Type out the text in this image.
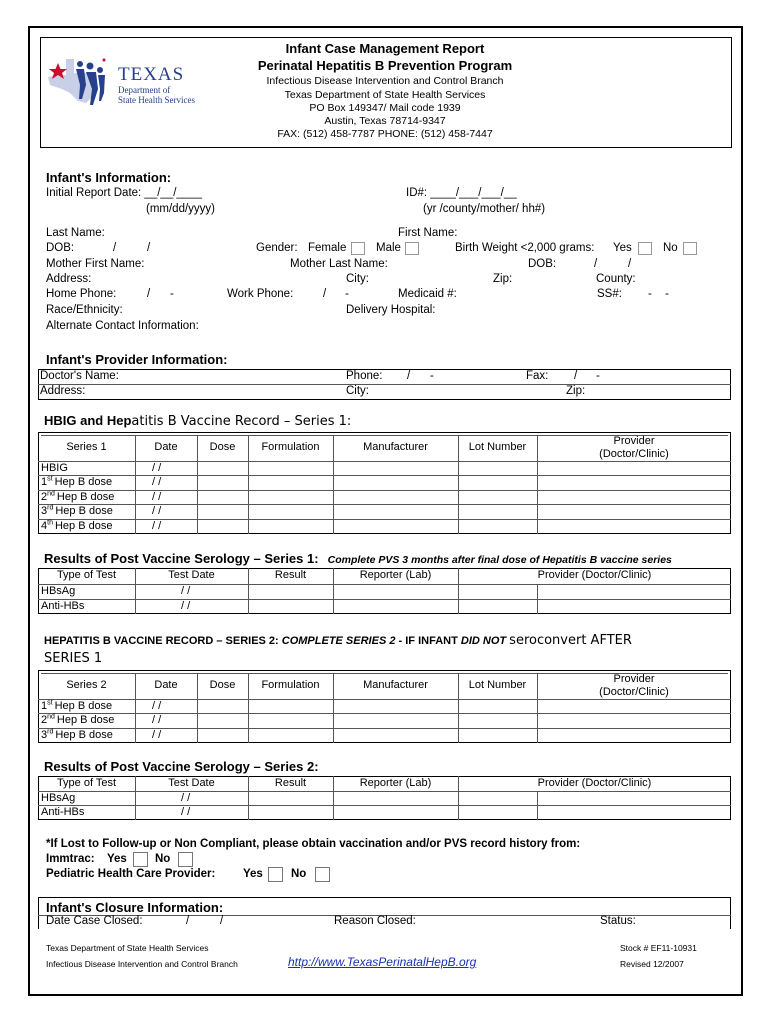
TEXAS
Department of
State Health Services
Infant Case Management Report
Perinatal Hepatitis B Prevention Program
Infectious Disease Intervention and Control Branch
Texas Department of State Health Services
PO Box 149347/ Mail code 1939
Austin, Texas 78714-9347
FAX: (512) 458-7787 PHONE: (512) 458-7447
Infant's Information:
Initial Report Date: __/__/____
(mm/dd/yyyy)
ID#: ____/___/___/__
(yr /county/mother/ hh#)
Last Name:	First Name:
DOB:	/	/	Gender: Female	Male	Birth Weight <2,000 grams: Yes	No
Mother First Name:	Mother Last Name:	DOB:	/	/
Address:	City:	Zip:	County:
Home Phone:	/ -	Work Phone:	/ -	Medicaid #:	SS#: - -
Race/Ethnicity:	Delivery Hospital:
Alternate Contact Information:
Infant's Provider Information:
Doctor's Name:	Phone: / -	Fax: / -
Address:	City:	Zip:
HBIG and Hepatitis B Vaccine Record – Series 1:
Series 1	Date	Dose	Formulation	Manufacturer	Lot Number	Provider
(Doctor/Clinic)
HBIG	/ /
1st Hep B dose	/ /
2nd Hep B dose	/ /
3rd Hep B dose	/ /
4th Hep B dose	/ /
Results of Post Vaccine Serology – Series 1: Complete PVS 3 months after final dose of Hepatitis B vaccine series
Type of Test	Test Date	Result	Reporter (Lab)	Provider (Doctor/Clinic)
HBsAg	/ /
Anti-HBs	/ /
HEPATITIS B VACCINE RECORD – SERIES 2: COMPLETE SERIES 2 - IF INFANT DID NOT seroconvert AFTER
SERIES 1
Series 2	Date	Dose	Formulation	Manufacturer	Lot Number	Provider
(Doctor/Clinic)
1st Hep B dose	/ /
2nd Hep B dose	/ /
3rd Hep B dose	/ /
Results of Post Vaccine Serology – Series 2:
Type of Test	Test Date	Result	Reporter (Lab)	Provider (Doctor/Clinic)
HBsAg	/ /
Anti-HBs	/ /
*If Lost to Follow-up or Non Compliant, please obtain vaccination and/or PVS record history from:
Immtrac: Yes No
Pediatric Health Care Provider: Yes No
Infant's Closure Information:
Date Case Closed:	/	/	Reason Closed:	Status:
Texas Department of State Health Services
Infectious Disease Intervention and Control Branch	http://www.TexasPerinatalHepB.org
Stock # EF11-10931
Revised 12/2007
